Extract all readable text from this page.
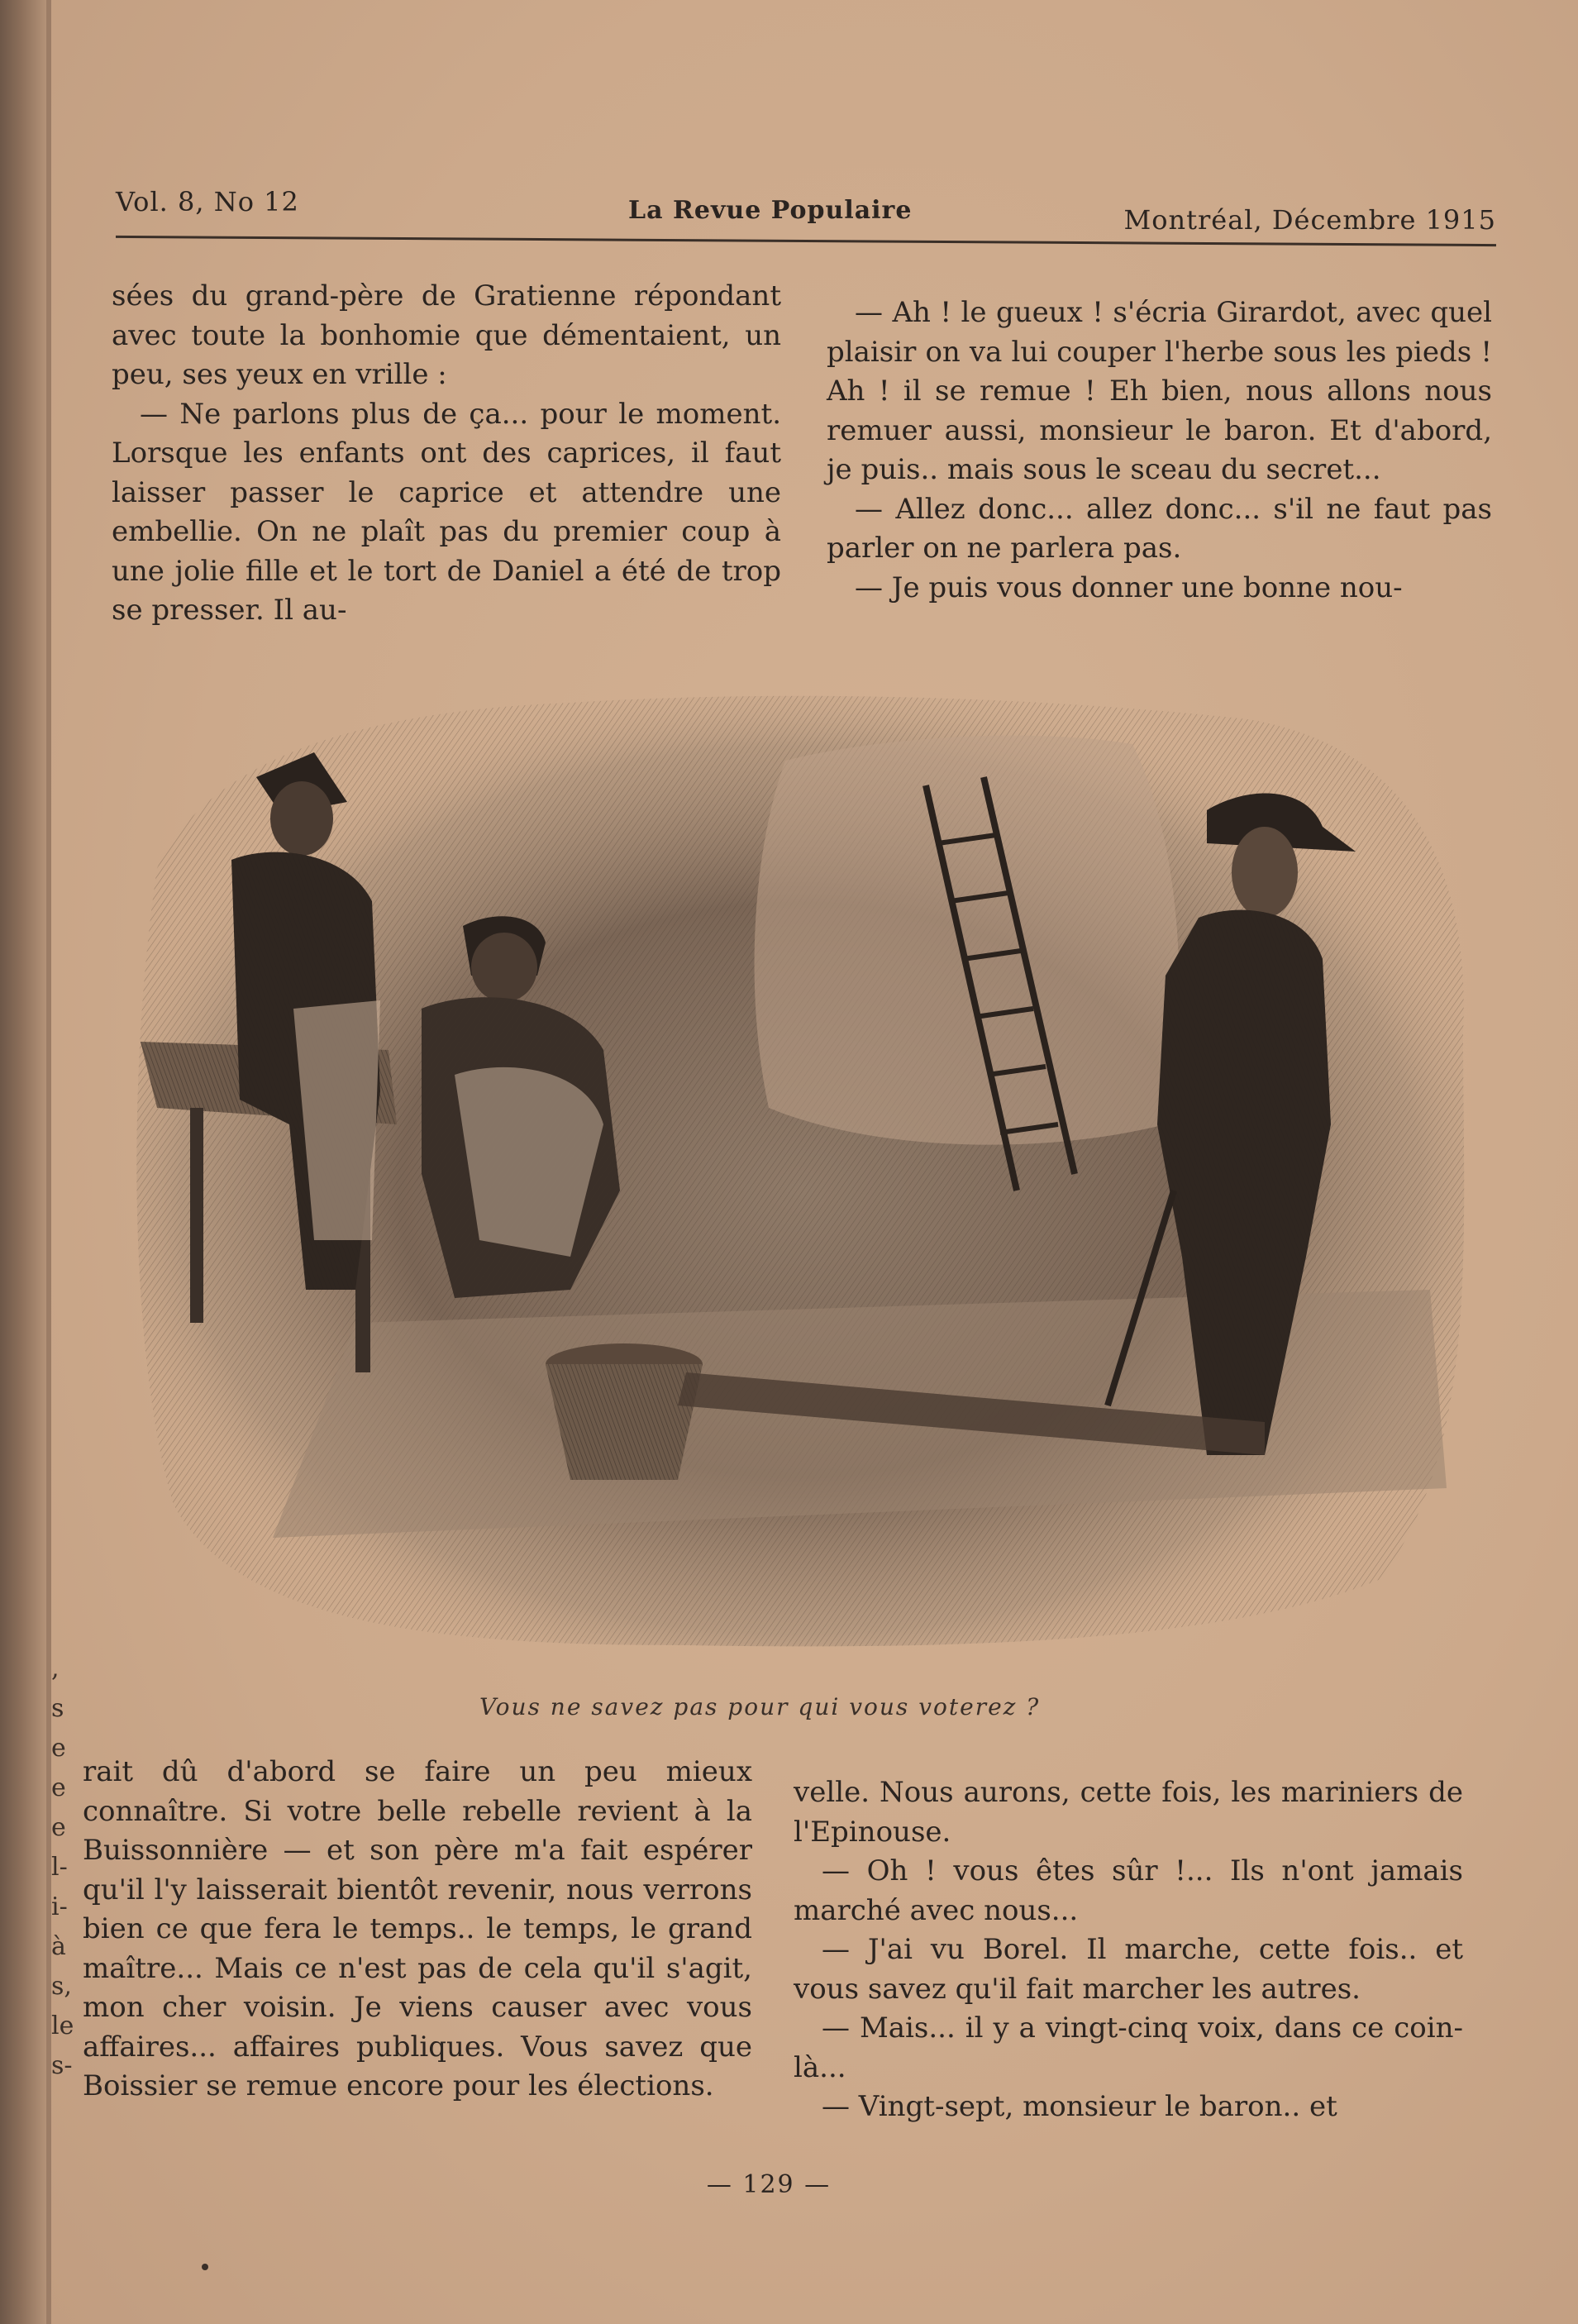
,
s
e
e
e
l-
i-
à
s,
le
s-
Vol. 8, No 12	La Revue Populaire	Montréal, Décembre 1915

sées du grand-père de Gratienne répondant avec toute la bonhomie que démentaient, un peu, ses yeux en vrille :

— Ne parlons plus de ça... pour le moment. Lorsque les enfants ont des caprices, il faut laisser passer le caprice et attendre une embellie. On ne plaît pas du premier coup à une jolie fille et le tort de Daniel a été de trop se presser. Il au-

— Ah ! le gueux ! s'écria Girardot, avec quel plaisir on va lui couper l'herbe sous les pieds ! Ah ! il se remue ! Eh bien, nous allons nous remuer aussi, monsieur le baron. Et d'abord, je puis.. mais sous le sceau du secret...

— Allez donc... allez donc... s'il ne faut pas parler on ne parlera pas.

— Je puis vous donner une bonne nou-

Vous ne savez pas pour qui vous voterez ?

rait dû d'abord se faire un peu mieux connaître. Si votre belle rebelle revient à la Buissonnière — et son père m'a fait espérer qu'il l'y laisserait bientôt revenir, nous verrons bien ce que fera le temps.. le temps, le grand maître... Mais ce n'est pas de cela qu'il s'agit, mon cher voisin. Je viens causer avec vous affaires... affaires publiques. Vous savez que Boissier se remue encore pour les élections.

velle. Nous aurons, cette fois, les mariniers de l'Epinouse.

— Oh ! vous êtes sûr !... Ils n'ont jamais marché avec nous...

— J'ai vu Borel. Il marche, cette fois.. et vous savez qu'il fait marcher les autres.

— Mais... il y a vingt-cinq voix, dans ce coin-là...

— Vingt-sept, monsieur le baron.. et

— 129 —
